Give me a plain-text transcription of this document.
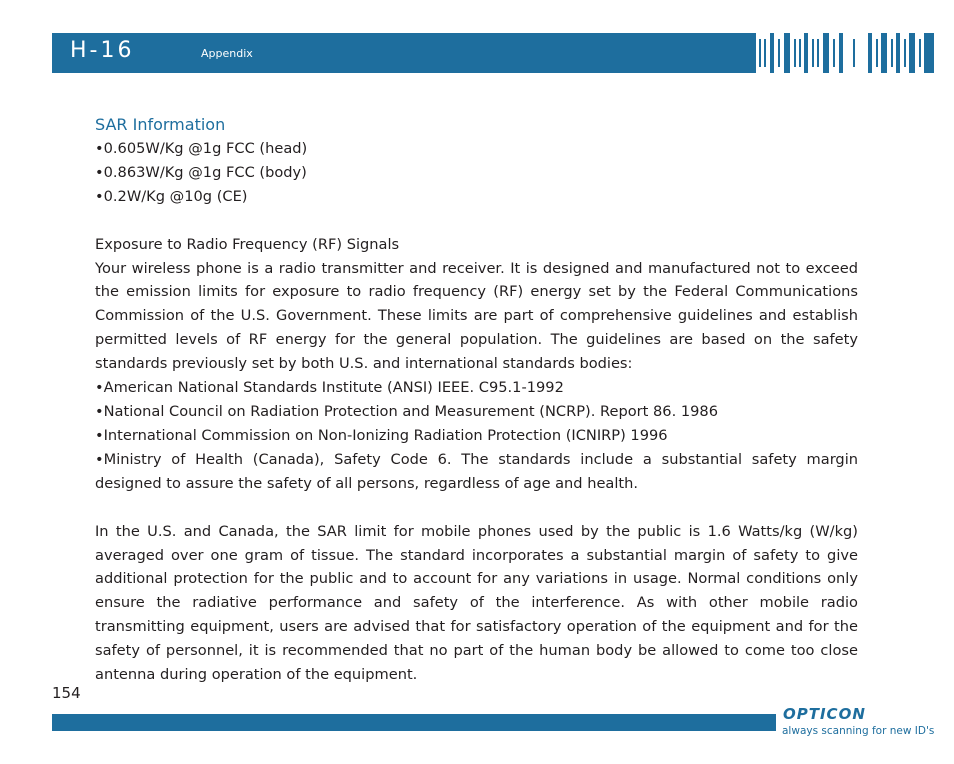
H-16	Appendix

SAR Information

•0.605W/Kg @1g FCC (head)

•0.863W/Kg @1g FCC (body)

•0.2W/Kg @10g (CE)

Exposure to Radio Frequency (RF) Signals

Your wireless phone is a radio transmitter and receiver. It is designed and manufactured not to exceed the emission limits for exposure to radio frequency (RF) energy set by the Federal Communications Commission of the U.S. Government. These limits are part of comprehensive guidelines and establish permitted levels of RF energy for the general population. The guidelines are based on the safety standards previously set by both U.S. and international standards bodies:

•American National Standards Institute (ANSI) IEEE. C95.1-1992

•National Council on Radiation Protection and Measurement (NCRP). Report 86. 1986

•International Commission on Non-Ionizing Radiation Protection (ICNIRP) 1996

•Ministry of Health (Canada), Safety Code 6. The standards include a substantial safety margin designed to assure the safety of all persons, regardless of age and health.

In the U.S. and Canada, the SAR limit for mobile phones used by the public is 1.6 Watts/kg (W/kg) averaged over one gram of tissue. The standard incorporates a substantial margin of safety to give additional protection for the public and to account for any variations in usage. Normal conditions only ensure the radiative performance and safety of the interference. As with other mobile radio transmitting equipment, users are advised that for satisfactory operation of the equipment and for the safety of personnel, it is recommended that no part of the human body be allowed to come too close antenna during operation of the equipment.

154
OPTICON
always scanning for new ID's
